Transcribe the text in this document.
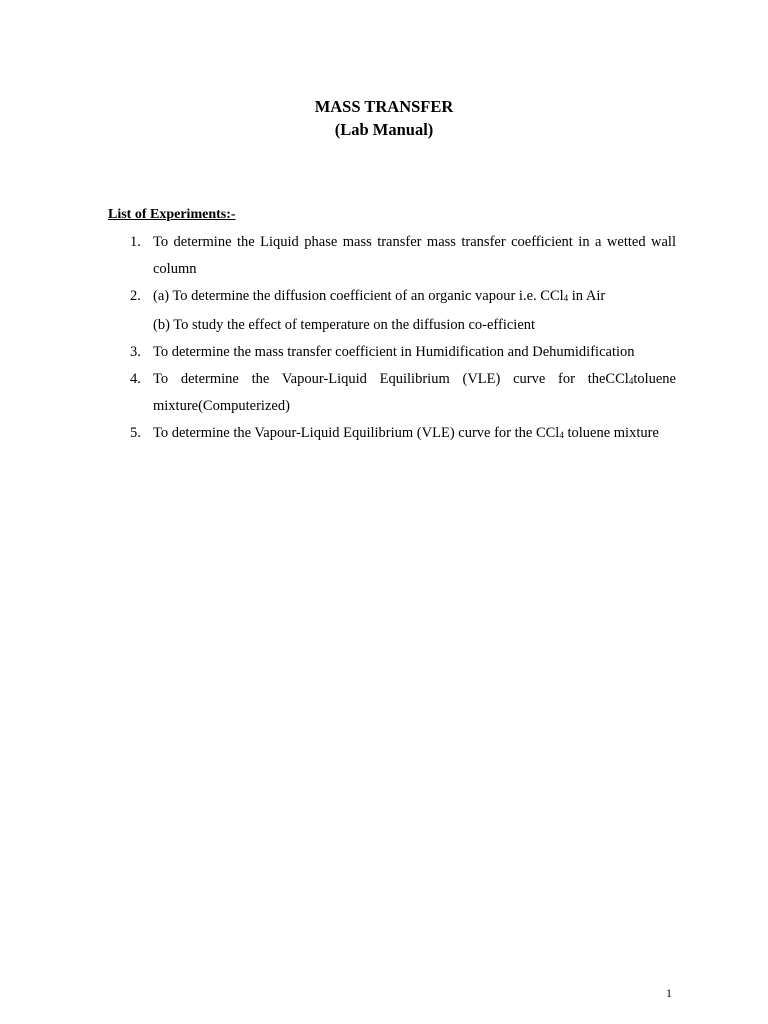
MASS TRANSFER
(Lab Manual)
List of Experiments:-
1. To determine the Liquid phase mass transfer mass transfer coefficient in a wetted wall column
2. (a) To determine the diffusion coefficient of an organic vapour i.e. CCl$_4$ in Air
(b) To study the effect of temperature on the diffusion co-efficient
3. To determine the mass transfer coefficient in Humidification and Dehumidification
4. To determine the Vapour-Liquid Equilibrium (VLE) curve for theCCl$_4$toluene mixture(Computerized)
5. To determine the Vapour-Liquid Equilibrium (VLE) curve for the CCl$_4$ toluene mixture
1
